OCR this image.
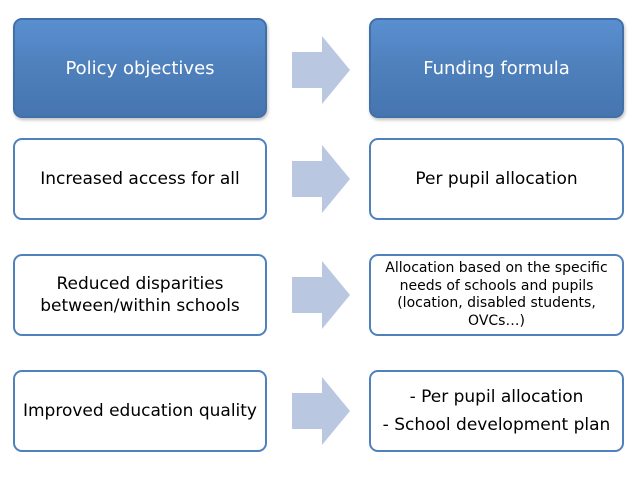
Policy objectives	Funding formula
Increased access for all	Per pupil allocation
Reduced disparities
between/within schools
Allocation based on the specific
needs of schools and pupils
(location, disabled students,
OVCs…)
Improved education quality
- Per pupil allocation
- School development plan
